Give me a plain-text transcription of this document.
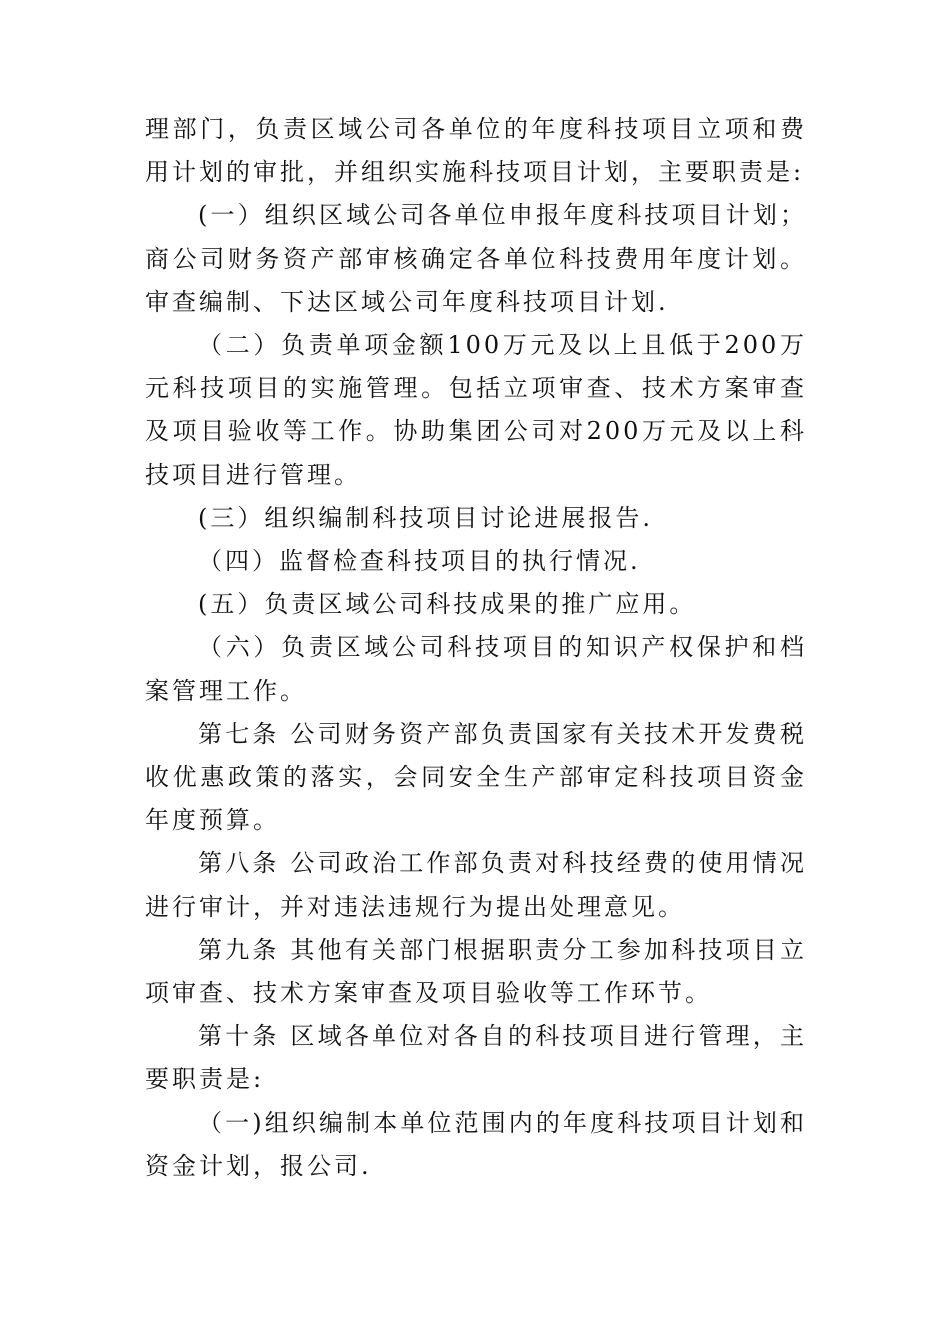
理部门，负责区域公司各单位的年度科技项目立项和费用计划的审批，并组织实施科技项目计划，主要职责是:

(一）组织区域公司各单位申报年度科技项目计划；商公司财务资产部审核确定各单位科技费用年度计划。审查编制、下达区域公司年度科技项目计划.

（二）负责单项金额100万元及以上且低于200万元科技项目的实施管理。包括立项审查、技术方案审查及项目验收等工作。协助集团公司对200万元及以上科技项目进行管理。

(三）组织编制科技项目讨论进展报告.

（四）监督检查科技项目的执行情况.

(五）负责区域公司科技成果的推广应用。

（六）负责区域公司科技项目的知识产权保护和档案管理工作。

第七条 公司财务资产部负责国家有关技术开发费税收优惠政策的落实，会同安全生产部审定科技项目资金年度预算。

第八条 公司政治工作部负责对科技经费的使用情况进行审计，并对违法违规行为提出处理意见。

第九条 其他有关部门根据职责分工参加科技项目立项审查、技术方案审查及项目验收等工作环节。

第十条 区域各单位对各自的科技项目进行管理，主要职责是:

（一)组织编制本单位范围内的年度科技项目计划和资金计划，报公司.
